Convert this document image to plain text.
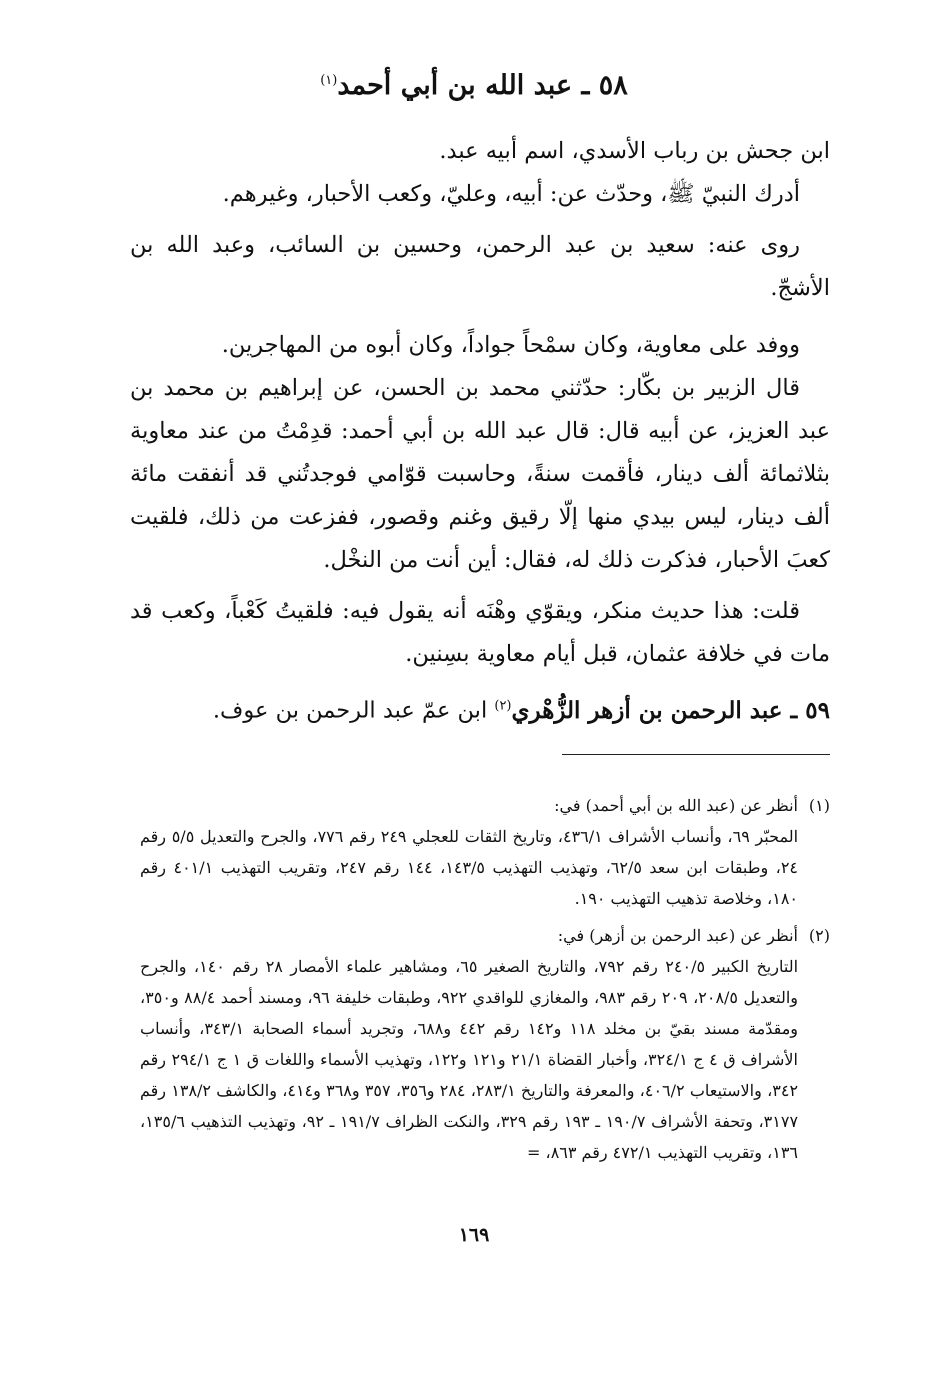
٥٨ ـ عبد الله بن أبي أحمد$^{(١)}$

ابن جحش بن رباب الأسدي، اسم أبيه عبد.

أدرك النبيّ ﷺ، وحدّث عن: أبيه، وعليّ، وكعب الأحبار، وغيرهم.

روى عنه: سعيد بن عبد الرحمن، وحسين بن السائب، وعبد الله بن الأشجّ.

ووفد على معاوية، وكان سمْحاً جواداً، وكان أبوه من المهاجرين.

قال الزبير بن بكّار: حدّثني محمد بن الحسن، عن إبراهيم بن محمد بن عبد العزيز، عن أبيه قال: قال عبد الله بن أبي أحمد: قدِمْتُ من عند معاوية بثلاثمائة ألف دينار، فأقمت سنةً، وحاسبت قوّامي فوجدتُني قد أنفقت مائة ألف دينار، ليس بيدي منها إلّا رقيق وغنم وقصور، ففزعت من ذلك، فلقيت كعبَ الأحبار، فذكرت ذلك له، فقال: أين أنت من النخْل.

قلت: هذا حديث منكر، ويقوّي وهْنَه أنه يقول فيه: فلقيتُ كَعْباً، وكعب قد مات في خلافة عثمان، قبل أيام معاوية بسِنين.

٥٩ ـ عبد الرحمن بن أزهر الزُّهْري$^{(٢)}$ ابن عمّ عبد الرحمن بن عوف.

(١)
أنظر عن (عبد الله بن أبي أحمد) في:
المحبّر ٦٩، وأنساب الأشراف ٤٣٦/١، وتاريخ الثقات للعجلي ٢٤٩ رقم ٧٧٦، والجرح والتعديل ٥/٥ رقم ٢٤، وطبقات ابن سعد ٦٢/٥، وتهذيب التهذيب ١٤٣/٥، ١٤٤ رقم ٢٤٧، وتقريب التهذيب ٤٠١/١ رقم ١٨٠، وخلاصة تذهيب التهذيب ١٩٠.
(٢)
أنظر عن (عبد الرحمن بن أزهر) في:
التاريخ الكبير ٢٤٠/٥ رقم ٧٩٢، والتاريخ الصغير ٦٥، ومشاهير علماء الأمصار ٢٨ رقم ١٤٠، والجرح والتعديل ٢٠٨/٥، ٢٠٩ رقم ٩٨٣، والمغازي للواقدي ٩٢٢، وطبقات خليفة ٩٦، ومسند أحمد ٨٨/٤ و٣٥٠، ومقدّمة مسند بقيّ بن مخلد ١١٨ و١٤٢ رقم ٤٤٢ و٦٨٨، وتجريد أسماء الصحابة ٣٤٣/١، وأنساب الأشراف ق ٤ ج ٣٢٤/١، وأخبار القضاة ٢١/١ و١٢١ و١٢٢، وتهذيب الأسماء واللغات ق ١ ج ٢٩٤/١ رقم ٣٤٢، والاستيعاب ٤٠٦/٢، والمعرفة والتاريخ ٢٨٣/١، ٢٨٤ و٣٥٦، ٣٥٧ و٣٦٨ و٤١٤، والكاشف ١٣٨/٢ رقم ٣١٧٧، وتحفة الأشراف ١٩٠/٧ ـ ١٩٣ رقم ٣٢٩، والنكت الظراف ١٩١/٧ ـ ٩٢، وتهذيب التذهيب ١٣٥/٦، ١٣٦، وتقريب التهذيب ٤٧٢/١ رقم ٨٦٣، =
١٦٩
